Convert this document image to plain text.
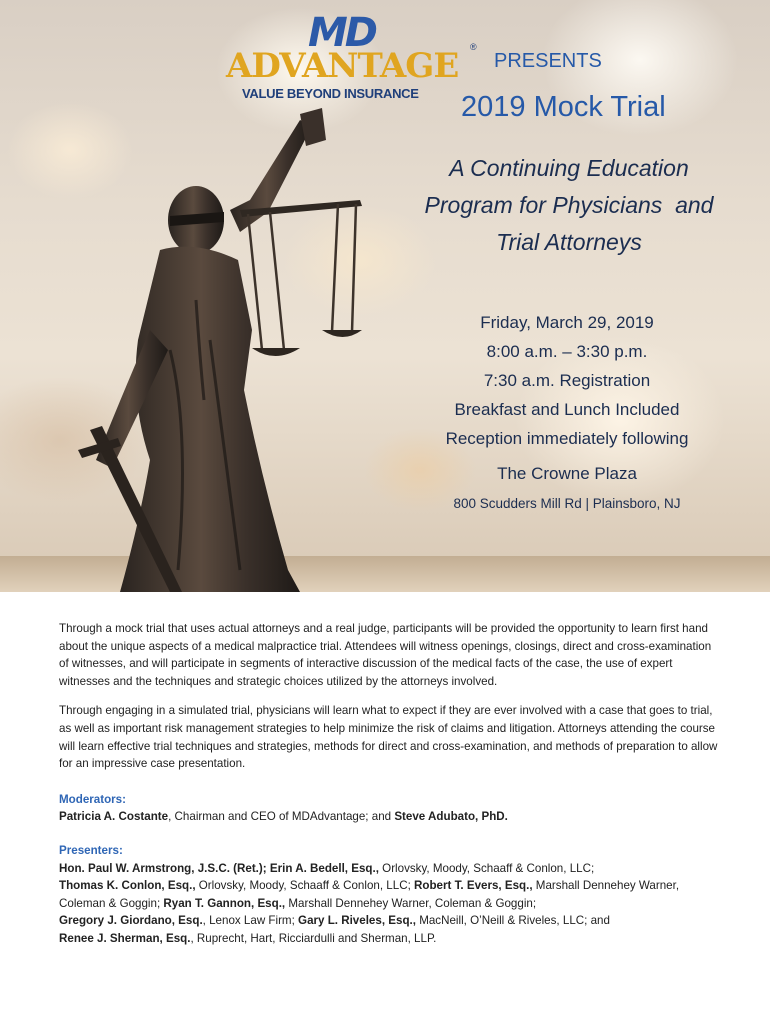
MD
ADVANTAGE ®
VALUE BEYOND INSURANCE
PRESENTS
2019 Mock Trial
A Continuing Education
Program for Physicians  and
Trial Attorneys
Friday, March 29, 2019
8:00 a.m. – 3:30 p.m.
7:30 a.m. Registration
Breakfast and Lunch Included
Reception immediately following
The Crowne Plaza
800 Scudders Mill Rd | Plainsboro, NJ

Through a mock trial that uses actual attorneys and a real judge, participants will be provided the opportunity to learn first hand about the unique aspects of a medical malpractice trial. Attendees will witness openings, closings, direct and cross-examination of witnesses, and will participate in segments of interactive discussion of the medical facts of the case, the use of expert witnesses and the techniques and strategic choices utilized by the attorneys involved.

Through engaging in a simulated trial, physicians will learn what to expect if they are ever involved with a case that goes to trial, as well as important risk management strategies to help minimize the risk of claims and litigation. Attorneys attending the course will learn effective trial techniques and strategies, methods for direct and cross-examination, and methods of preparation to allow for an impressive case presentation.

Moderators:
Patricia A. Costante, Chairman and CEO of MDAdvantage; and Steve Adubato, PhD.
Presenters:
Hon. Paul W. Armstrong, J.S.C. (Ret.); Erin A. Bedell, Esq., Orlovsky, Moody, Schaaff & Conlon, LLC;
Thomas K. Conlon, Esq., Orlovsky, Moody, Schaaff & Conlon, LLC; Robert T. Evers, Esq., Marshall Dennehey Warner, Coleman & Goggin; Ryan T. Gannon, Esq., Marshall Dennehey Warner, Coleman & Goggin;
Gregory J. Giordano, Esq., Lenox Law Firm; Gary L. Riveles, Esq., MacNeill, O’Neill & Riveles, LLC; and
Renee J. Sherman, Esq., Ruprecht, Hart, Ricciardulli and Sherman, LLP.
